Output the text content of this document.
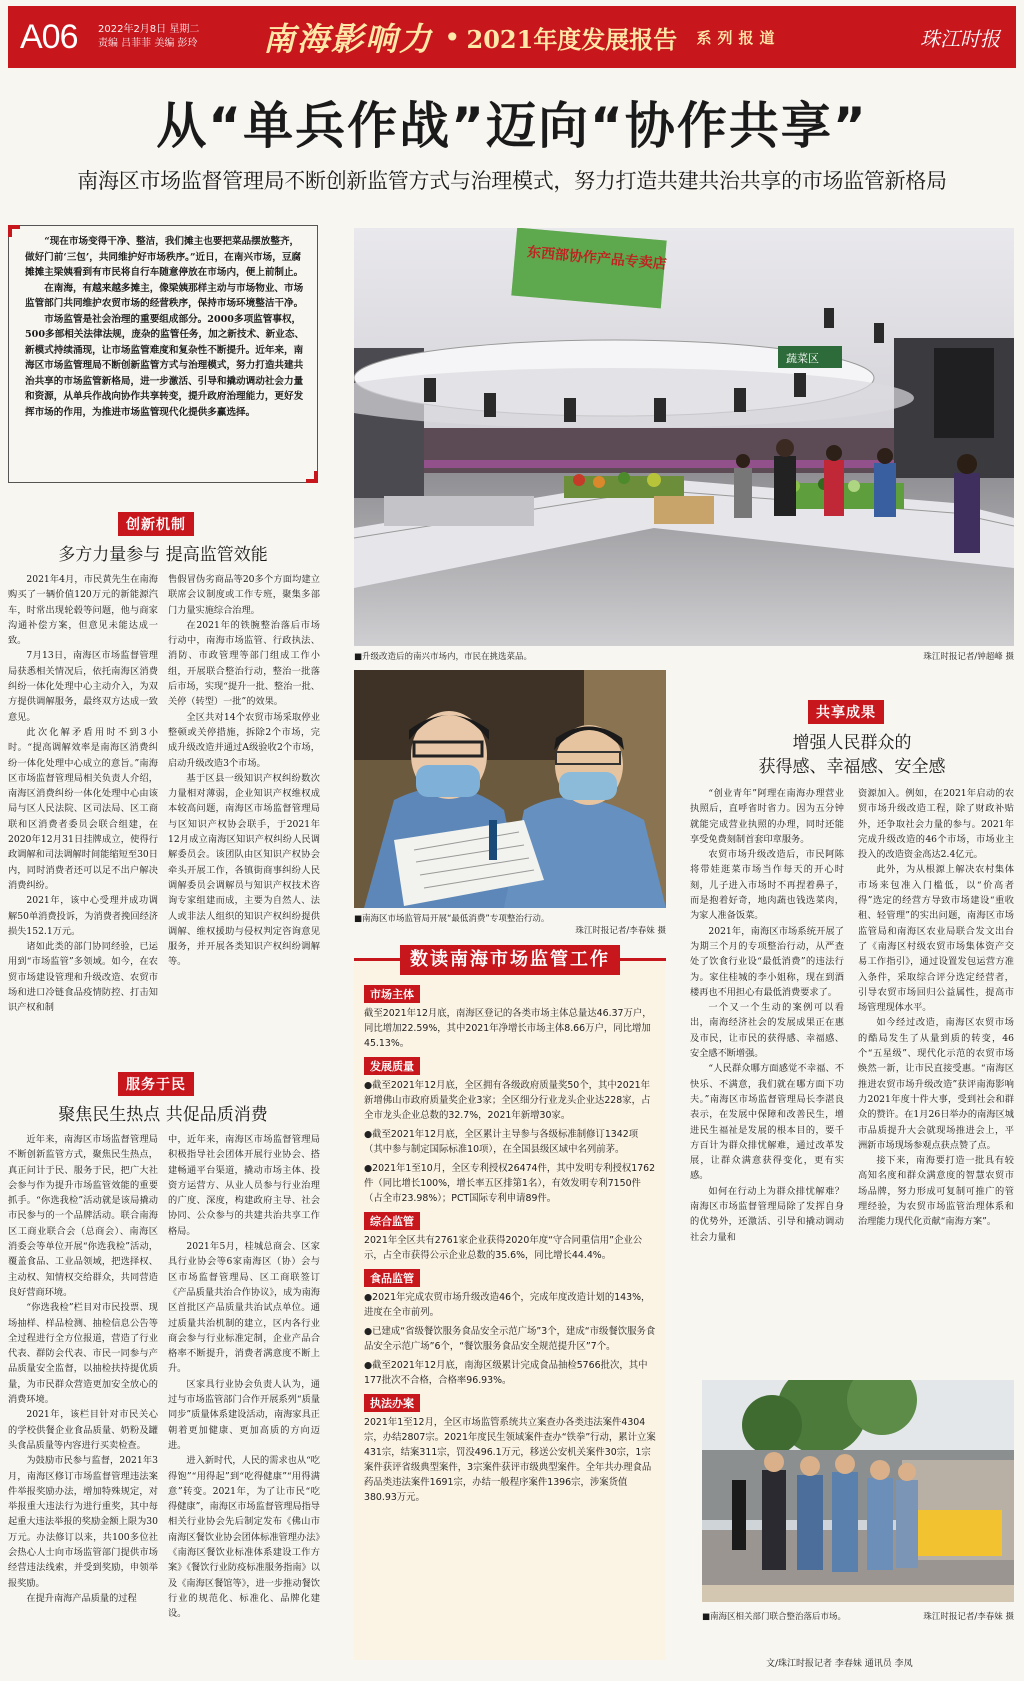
A06	2022年2月8日 星期二
责编 吕菲菲 美编 彭玲	南海影响力 • 2021年度发展报告	系列报道	珠江时报
从“单兵作战”迈向“协作共享”
南海区市场监督管理局不断创新监管方式与治理模式，努力打造共建共治共享的市场监管新格局

“现在市场变得干净、整洁，我们摊主也要把菜品摆放整齐，做好门前‘三包’，共同维护好市场秩序。”近日，在南兴市场，豆腐摊摊主梁姨看到有市民将自行车随意停放在市场内，便上前制止。

在南海，有越来越多摊主，像梁姨那样主动与市场物业、市场监管部门共同维护农贸市场的经营秩序，保持市场环境整洁干净。

市场监管是社会治理的重要组成部分。2000多项监管事权，500多部相关法律法规，庞杂的监管任务，加之新技术、新业态、新模式持续涌现，让市场监管难度和复杂性不断提升。近年来，南海区市场监管理局不断创新监管方式与治理模式，努力打造共建共治共享的市场监管新格局，进一步激活、引导和撬动调动社会力量和资源，从单兵作战向协作共享转变，提升政府治理能力，更好发挥市场的作用，为推进市场监管现代化提供多赢选择。

创新机制
多方力量参与 提高监管效能

2021年4月，市民黄先生在南海购买了一辆价值120万元的新能源汽车，时常出现轮毂等问题，他与商家沟通补偿方案，但意见未能达成一致。

7月13日，南海区市场监督管理局获悉相关情况后，依托南海区消费纠纷一体化处理中心主动介入，为双方提供调解服务，最终双方达成一致意见。

此次化解矛盾用时不到3小时。“提高调解效率是南海区消费纠纷一体化处理中心成立的意旨。”南海区市场监督管理局相关负责人介绍，南海区消费纠纷一体化处理中心由该局与区人民法院、区司法局、区工商联和区消费者委员会联合组建，在2020年12月31日挂牌成立，使得行政调解和司法调解时间能缩短至30日内，同时消费者还可以足不出户解决消费纠纷。

2021年，该中心受理并成功调解50单消费投诉，为消费者挽回经济损失152.1万元。

诸如此类的部门协同经验，已运用到“市场监管”多领域。如今，在农贸市场建设管理和升级改造、农贸市场和进口冷链食品疫情防控、打击知识产权和制

售假冒伪劣商品等20多个方面均建立联席会议制度或工作专班，聚集多部门力量实施综合治理。

在2021年的铁腕整治落后市场行动中，南海市场监管、行政执法、消防、市政管理等部门组成工作小组，开展联合整治行动，整治一批落后市场，实现“提升一批、整治一批、关停（转型）一批”的效果。

全区共对14个农贸市场采取停业整顿或关停措施，拆除2个市场，完成升级改造并通过A级验收2个市场，启动升级改造3个市场。

基于区县一级知识产权纠纷数次力量相对薄弱，企业知识产权维权成本较高问题，南海区市场监督管理局与区知识产权协会联手，于2021年12月成立南海区知识产权纠纷人民调解委员会。该团队由区知识产权协会牵头开展工作，各镇街商事纠纷人民调解委员会调解员与知识产权技术咨询专家组建而成，主要为自然人、法人或非法人组织的知识产权纠纷提供调解、维权援助与侵权判定咨询意见服务，并开展各类知识产权纠纷调解等。

服务于民
聚焦民生热点 共促品质消费

近年来，南海区市场监督管理局不断创新监管方式，聚焦民生热点，真正问计于民、服务于民，把广大社会参与作为提升市场监管效能的重要抓手。“你选我检”活动就是该局撬动市民参与的一个品牌活动。联合南海区工商业联合会（总商会）、南海区消委会等单位开展“你选我检”活动，覆盖食品、工业品领域，把选择权、主动权、知情权交给群众，共同营造良好营商环境。

“你选我检”栏目对市民投票、现场抽样、样品检测、抽检信息公告等全过程进行全方位报道，营造了行业代表、群防会代表、市民一同参与产品质量安全监督，以抽检扶持提优质量，为市民群众营造更加安全放心的消费环境。

2021年，该栏目针对市民关心的学校供餐企业食品质量、奶粉及罐头食品质量等内容进行买卖检查。

为鼓励市民参与监督，2021年3月，南海区修订市场监督管理违法案件举报奖励办法，增加特殊规定，对举报重大违法行为进行重奖，其中每起重大违法举报的奖励金额上限为30万元。办法修订以来，共100多位社会热心人士向市场监管部门提供市场经营违法线索，并受到奖励，申领举报奖励。

在提升南海产品质量的过程

中，近年来，南海区市场监督管理局积极指导社会团体开展行业协会、搭建畅通平台渠道，撬动市场主体、投资方运营方、从业人员参与行业治理的广度、深度，构建政府主导、社会协同、公众参与的共建共治共享工作格局。

2021年5月，桂城总商会、区家具行业协会等6家南海区（协）会与区市场监督管理局、区工商联签订《产品质量共治合作协议》，成为南海区首批区产品质量共治试点单位。通过质量共治机制的建立，区内各行业商会参与行业标准定制，企业产品合格率不断提升，消费者满意度不断上升。

区家具行业协会负责人认为，通过与市场监管部门合作开展系列“质量同步”质量体系建设活动，南海家具正朝着更加健康、更加高质的方向迈进。

进入新时代，人民的需求也从“吃得饱”“用得起”到“吃得健康”“用得满意”转变。2021年，为了让市民“吃得健康”，南海区市场监督管理局指导相关行业协会先后制定发布《佛山市南海区餐饮业协会团体标准管理办法》《南海区餐饮业标准体系建设工作方案》《餐饮行业防疫标准服务指南》以及《南海区餐馆等》，进一步推动餐饮行业的规范化、标准化、品牌化建设。

东西部协作产品专卖店
蔬菜区
■升级改造后的南兴市场内，市民在挑选菜品。	珠江时报记者/钟超峰 摄
■南海区市场监管局开展“最低消费”专项整治行动。
珠江时报记者/李春妹 摄
数读南海市场监管工作
市场主体
截至2021年12月底，南海区登记的各类市场主体总量达46.37万户，同比增加22.59%，其中2021年净增长市场主体8.66万户，同比增加45.13%。
发展质量
●截至2021年12月底，全区拥有各级政府质量奖50个，其中2021年新增佛山市政府质量奖企业3家；全区细分行业龙头企业达228家，占全市龙头企业总数的32.7%，2021年新增30家。
●截至2021年12月底，全区累计主导参与各级标准制修订1342项（其中参与制定国际标准10项），在全国县级区域中名列前茅。
●2021年1至10月，全区专利授权26474件，其中发明专利授权1762件（同比增长100%，增长率五区排第1名），有效发明专利7150件（占全市23.98%）；PCT国际专利申请89件。
综合监管
2021年全区共有2761家企业获得2020年度“守合同重信用”企业公示，占全市获得公示企业总数的35.6%，同比增长44.4%。
食品监管
●2021年完成农贸市场升级改造46个，完成年度改造计划的143%，进度在全市前列。
●已建成“省级餐饮服务食品安全示范广场”3个，建成“市级餐饮服务食品安全示范广场”6个，“餐饮服务食品安全规范提升区”7个。
●截至2021年12月底，南海区级累计完成食品抽检5766批次，其中177批次不合格，合格率96.93%。
执法办案
2021年1至12月，全区市场监管系统共立案查办各类违法案件4304宗，办结2807宗。2021年度民生领域案件查办“铁拳”行动，累计立案431宗，结案311宗，罚没496.1万元，移送公安机关案件30宗，1宗案件获评省级典型案件，3宗案件获评市级典型案件。全年共办理食品药品类违法案件1691宗，办结一般程序案件1396宗，涉案货值380.93万元。
共享成果
增强人民群众的
获得感、幸福感、安全感

“创业青年”阿理在南海办理营业执照后，直呼省时省力。因为五分钟就能完成营业执照的办理，同时还能享受免费刻制首套印章服务。

农贸市场升级改造后，市民阿陈将带娃逛菜市场当作每天的开心时刻，儿子进入市场时不再捏着鼻子，而是抱着好奇，地肉蔬也钱选菜肉，为家人准备饭菜。

2021年，南海区市场系统开展了为期三个月的专项整治行动，从严查处了饮食行业设“最低消费”的违法行为。家住桂城的李小姐称，现在到酒楼再也不用担心有最低消费要求了。

一个又一个生动的案例可以看出，南海经济社会的发展成果正在惠及市民，让市民的获得感、幸福感、安全感不断增强。

“人民群众哪方面感觉不幸福、不快乐、不满意，我们就在哪方面下功夫。”南海区市场监督管理局长李湛良表示，在发展中保障和改善民生，增进民生福祉是发展的根本目的，要千方百计为群众排忧解难，通过改革发展，让群众满意获得变化，更有实感。

如何在行动上为群众排忧解难？南海区市场监督管理局除了发挥自身的优势外，还激活、引导和撬动调动社会力量和

资源加入。例如，在2021年启动的农贸市场升级改造工程，除了财政补贴外，还争取社会力量的参与。2021年完成升级改造的46个市场，市场业主投入的改造资金高达2.4亿元。

此外，为从根源上解决农村集体市场来包准入门槛低，以“价高者得”选定的经营方导致市场建设“重收租、轻管理”的实出问题，南海区市场监管局和南海区农业局联合发文出台了《南海区村级农贸市场集体资产交易工作指引》，通过设置发包运营方准入条件，采取综合评分选定经营者，引导农贸市场回归公益属性，提高市场管理现体水平。

如今经过改造，南海区农贸市场的酷局发生了从量到质的转变，46个“五星级”、现代化示范的农贸市场焕然一新，让市民直接受惠。“南海区推进农贸市场升级改造”获评南海影响力2021年度十件大事，受到社会和群众的赞许。在1月26日举办的南海区城市品质提升大会就现场推进会上，平洲新市场现场参观点获点赞了点。

接下来，南海要打造一批具有较高知名度和群众满意度的智慧农贸市场品牌，努力形成可复制可推广的管理经验，为农贸市场监管治理体系和治理能力现代化贡献“南海方案”。

■南海区相关部门联合整治落后市场。	珠江时报记者/李春妹 摄
文/珠江时报记者 李春妹 通讯员 李凤
